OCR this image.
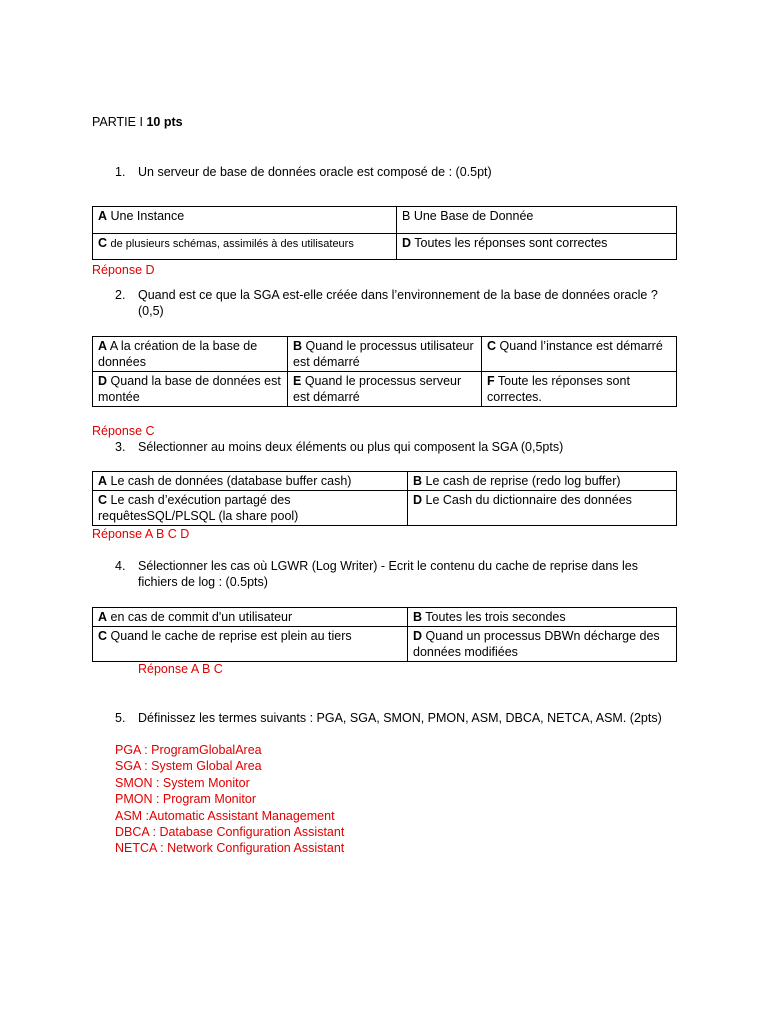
PARTIE I 10 pts
1. Un serveur de base de données oracle est composé de : (0.5pt)
A Une Instance	B Une Base de Donnée
C de plusieurs schémas, assimilés à des utilisateurs	D Toutes les réponses sont correctes
Réponse D
2. Quand est ce que la SGA est-elle créée dans l’environnement de la base de données oracle ? (0,5)
A A la création de la base de données	B Quand le processus utilisateur est démarré	C Quand l’instance est démarré
D Quand la base de données est montée	E Quand le processus serveur est démarré	F Toute les réponses sont correctes.
Réponse C
3. Sélectionner au moins deux éléments ou plus qui composent la SGA (0,5pts)
A Le cash de données (database buffer cash)	B Le cash de reprise (redo log buffer)
C Le cash d’exécution partagé des requêtesSQL/PLSQL (la share pool)	D Le Cash du dictionnaire des données
Réponse A B C D
4. Sélectionner les cas où LGWR (Log Writer) - Ecrit le contenu du cache de reprise dans les fichiers de log : (0.5pts)
A en cas de commit d'un utilisateur	B Toutes les trois secondes
C Quand le cache de reprise est plein au tiers	D Quand un processus DBWn décharge des données modifiées
Réponse A B C
5. Définissez les termes suivants : PGA, SGA, SMON, PMON, ASM, DBCA, NETCA, ASM. (2pts)
PGA : ProgramGlobalArea
SGA : System Global Area
SMON : System Monitor
PMON : Program Monitor
ASM :Automatic Assistant Management
DBCA : Database Configuration Assistant
NETCA : Network Configuration Assistant
